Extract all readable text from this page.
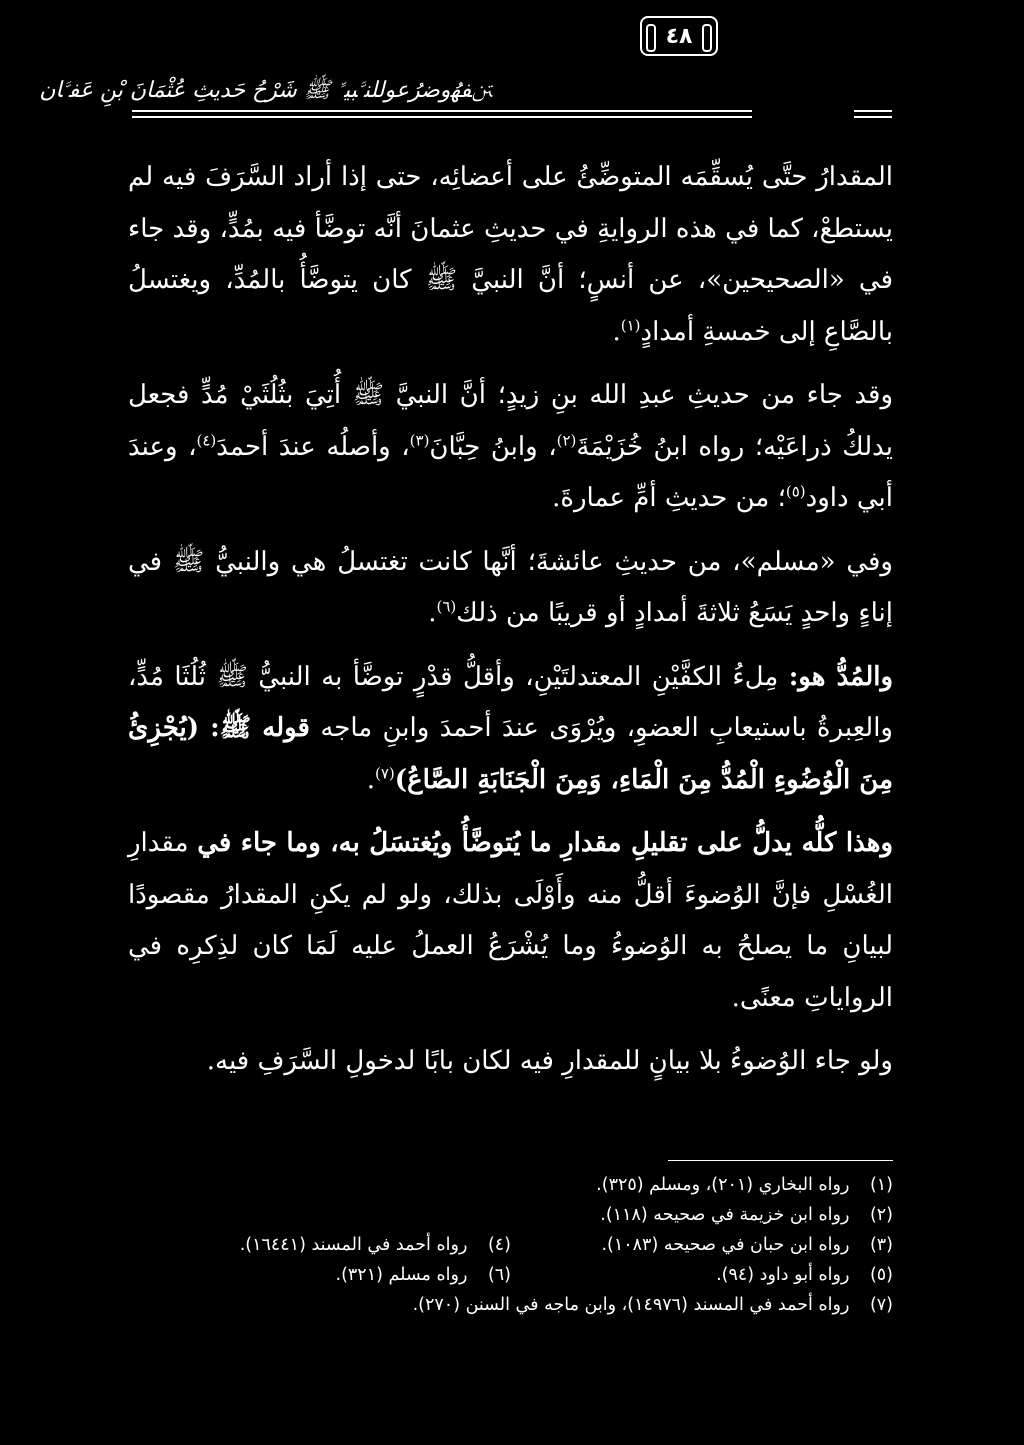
ﱳﻔﻬُﻭﺿﺮُﻋﻮﻟﻠﻨﱠﺒﻴﱢ ﷺ ﺷَﺮْﺡُ ﺣَﺪﻳﺚِ ﻋُﺜْﻤَﺎﻥَ ﺑْﻦِ ﻋَﻔﱠﺎﻥ
٤٨

المقدارُ حتَّى يُسقِّمَه المتوضِّئُ على أعضائِه، حتى إذا أراد السَّرَفَ فيه لم يستطعْ، كما في هذه الروايةِ في حديثِ عثمانَ أنَّه توضَّأ فيه بمُدٍّ، وقد جاء في «الصحيحين»، عن أنسٍ؛ أنَّ النبيَّ ﷺ كان يتوضَّأُ بالمُدِّ، ويغتسلُ بالصَّاعِ إلى خمسةِ أمدادٍ$^{(١)}$.

وقد جاء من حديثِ عبدِ الله بنِ زيدٍ؛ أنَّ النبيَّ ﷺ أُتِيَ بثُلُثَيْ مُدٍّ فجعل يدلكُ ذراعَيْه؛ رواه ابنُ خُزَيْمَةَ$^{(٢)}$، وابنُ حِبَّانَ$^{(٣)}$، وأصلُه عندَ أحمدَ$^{(٤)}$، وعندَ أبي داود$^{(٥)}$؛ من حديثِ أمِّ عمارةَ.

وفي «مسلم»، من حديثِ عائشةَ؛ أنَّها كانت تغتسلُ هي والنبيُّ ﷺ في إناءٍ واحدٍ يَسَعُ ثلاثةَ أمدادٍ أو قريبًا من ذلك$^{(٦)}$.

والمُدُّ هو: مِلءُ الكفَّيْنِ المعتدلتَيْنِ، وأقلُّ قدْرٍ توضَّأ به النبيُّ ﷺ ثُلُثَا مُدٍّ، والعِبرةُ باستيعابِ العضوِ، ويُرْوَى عندَ أحمدَ وابنِ ماجه قوله ﷺ: (يُجْزِئُ مِنَ الْوُضُوءِ الْمُدُّ مِنَ الْمَاءِ، وَمِنَ الْجَنَابَةِ الصَّاعُ)$^{(٧)}$.

وهذا كلُّه يدلُّ على تقليلِ مقدارِ ما يُتوضَّأُ ويُغتسَلُ به، وما جاء في مقدارِ الغُسْلِ فإنَّ الوُضوءَ أقلُّ منه وأَوْلَى بذلك، ولو لم يكنِ المقدارُ مقصودًا لبيانِ ما يصلحُ به الوُضوءُ وما يُشْرَعُ العملُ عليه لَمَا كان لذِكرِه في الرواياتِ معنًى.

ولو جاء الوُضوءُ بلا بيانٍ للمقدارِ فيه لكان بابًا لدخولِ السَّرَفِ فيه.

(١) رواه البخاري (٢٠١)، ومسلم (٣٢٥).
(٢) رواه ابن خزيمة في صحيحه (١١٨).
(٣) رواه ابن حبان في صحيحه (١٠٨٣).
(٤) رواه أحمد في المسند (١٦٤٤١).
(٥) رواه أبو داود (٩٤).
(٦) رواه مسلم (٣٢١).
(٧) رواه أحمد في المسند (١٤٩٧٦)، وابن ماجه في السنن (٢٧٠).
